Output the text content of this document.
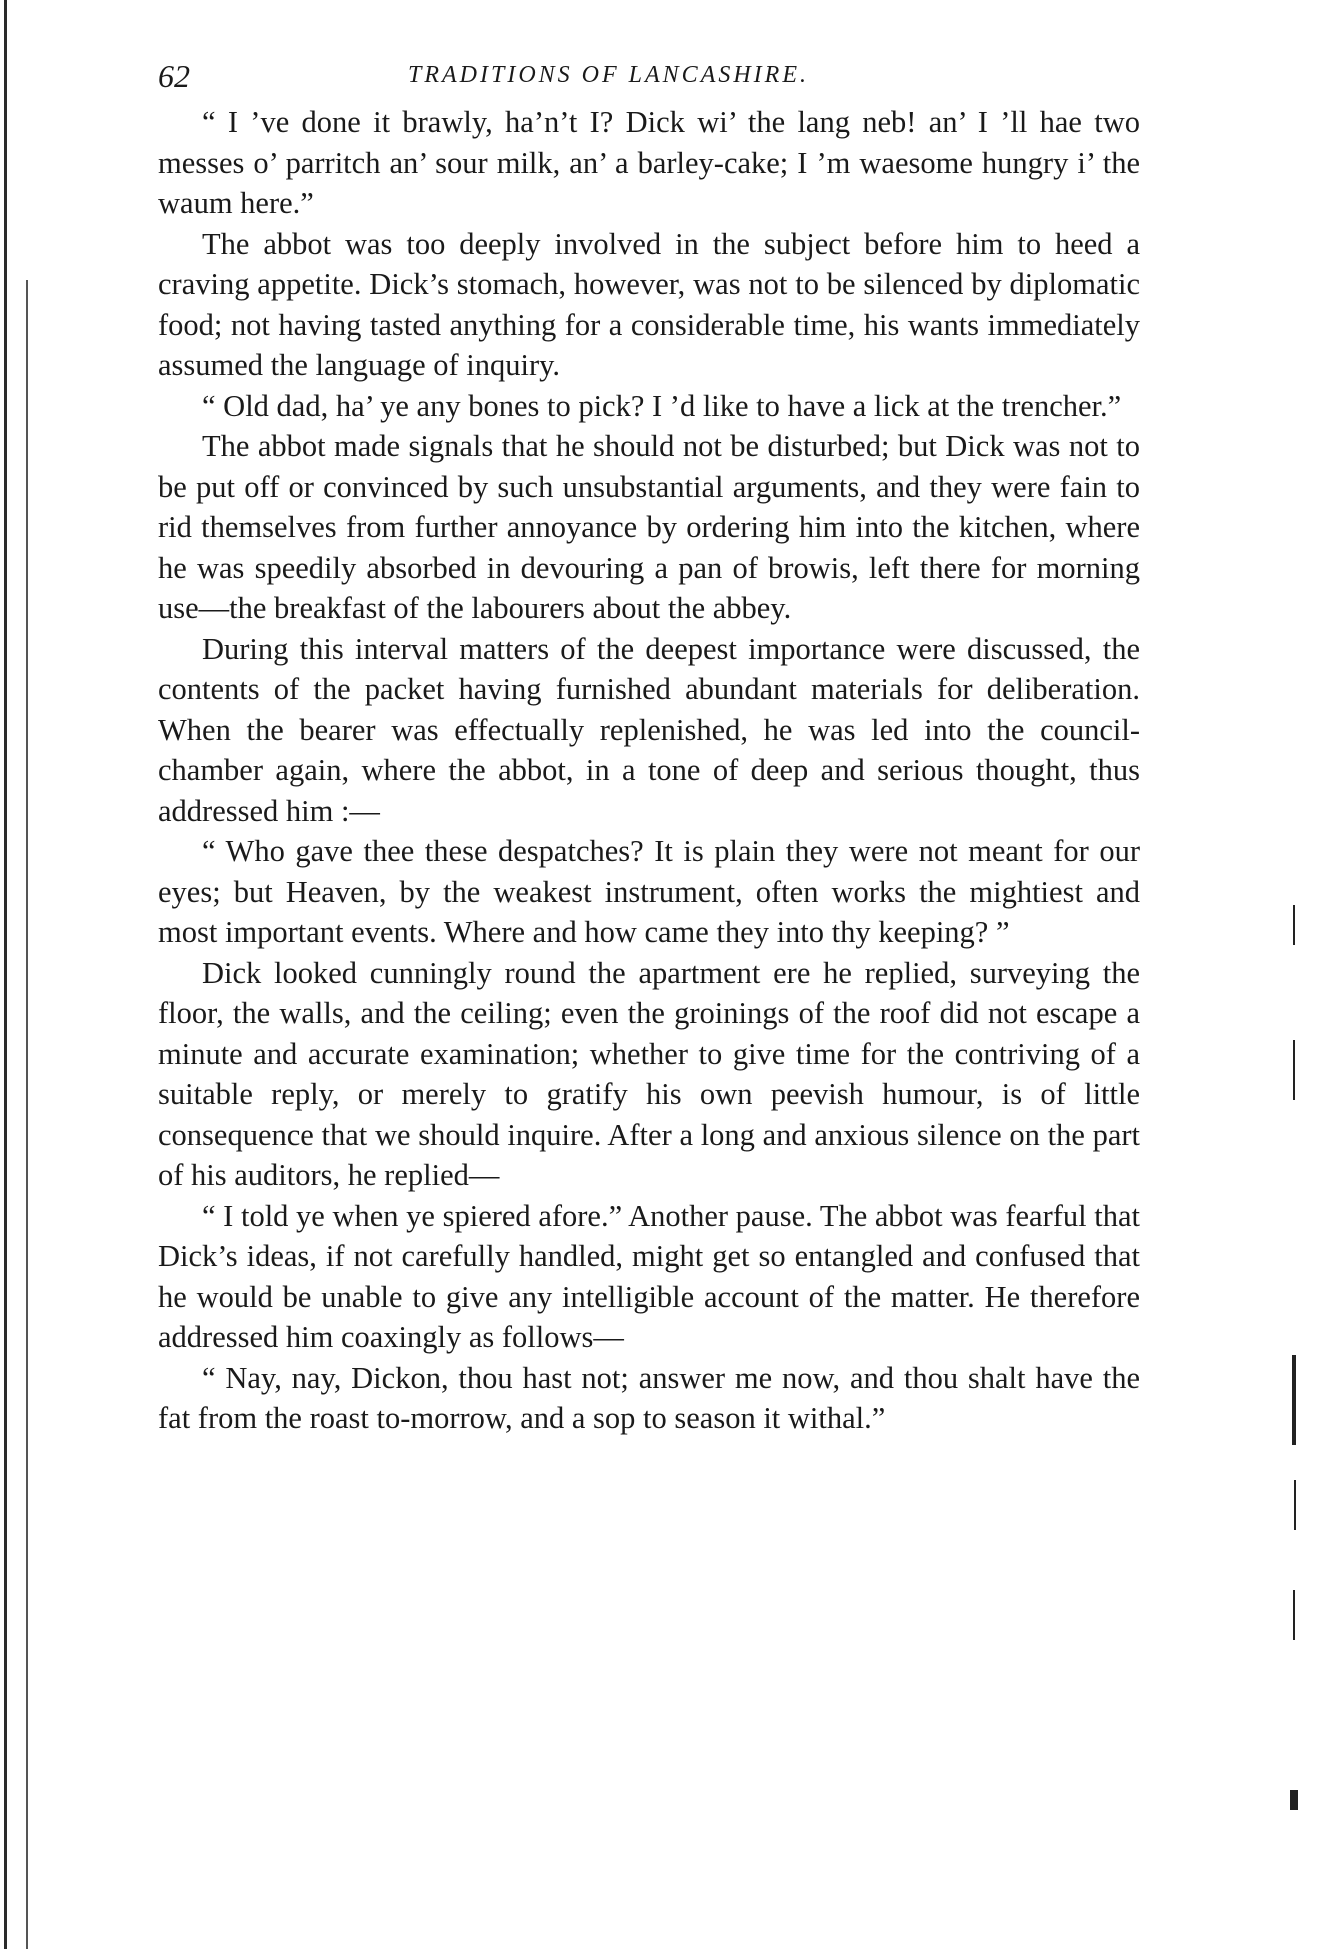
62	TRADITIONS OF LANCASHIRE.

“ I ’ve done it brawly, ha’n’t I? Dick wi’ the lang neb! an’ I ’ll hae two messes o’ parritch an’ sour milk, an’ a barley-cake; I ’m waesome hungry i’ the waum here.”

The abbot was too deeply involved in the subject before him to heed a craving appetite. Dick’s stomach, however, was not to be silenced by diplomatic food; not having tasted anything for a considerable time, his wants immediately assumed the language of inquiry.

“ Old dad, ha’ ye any bones to pick? I ’d like to have a lick at the trencher.”

The abbot made signals that he should not be disturbed; but Dick was not to be put off or convinced by such unsubstantial arguments, and they were fain to rid themselves from further annoyance by ordering him into the kitchen, where he was speedily absorbed in devouring a pan of browis, left there for morning use—the breakfast of the labourers about the abbey.

During this interval matters of the deepest importance were discussed, the contents of the packet having furnished abundant materials for deliberation. When the bearer was effectually replenished, he was led into the council-chamber again, where the abbot, in a tone of deep and serious thought, thus addressed him :—

“ Who gave thee these despatches? It is plain they were not meant for our eyes; but Heaven, by the weakest instrument, often works the mightiest and most important events. Where and how came they into thy keeping? ”

Dick looked cunningly round the apartment ere he replied, surveying the floor, the walls, and the ceiling; even the groinings of the roof did not escape a minute and accurate examination; whether to give time for the contriving of a suitable reply, or merely to gratify his own peevish humour, is of little consequence that we should inquire. After a long and anxious silence on the part of his auditors, he replied—

“ I told ye when ye spiered afore.” Another pause. The abbot was fearful that Dick’s ideas, if not carefully handled, might get so entangled and confused that he would be unable to give any intelligible account of the matter. He therefore addressed him coaxingly as follows—

“ Nay, nay, Dickon, thou hast not; answer me now, and thou shalt have the fat from the roast to-morrow, and a sop to season it withal.”
